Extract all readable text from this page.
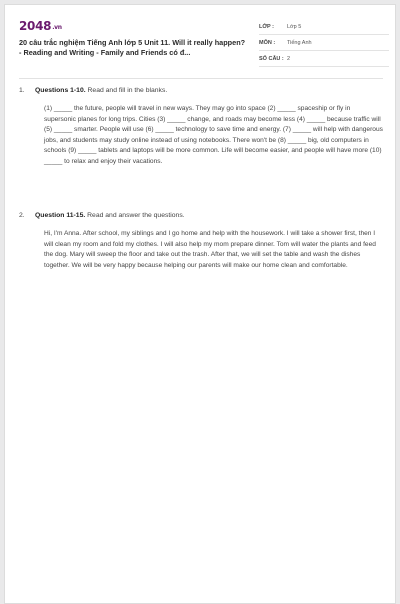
2048.vn
20 câu trắc nghiệm Tiếng Anh lớp 5 Unit 11. Will it really happen? - Reading and Writing - Family and Friends có đ...
LỚP : Lớp 5
MÔN : Tiếng Anh
SỐ CÂU : 2
1. Questions 1-10. Read and fill in the blanks.
(1) _____ the future, people will travel in new ways. They may go into space (2) _____ spaceship or fly in supersonic planes for long trips. Cities (3) _____ change, and roads may become less (4) _____ because traffic will (5) _____ smarter. People will use (6) _____ technology to save time and energy. (7) _____ will help with dangerous jobs, and students may study online instead of using notebooks. There won't be (8) _____ big, old computers in schools (9) _____ tablets and laptops will be more common. Life will become easier, and people will have more (10) _____ to relax and enjoy their vacations.
2. Question 11-15. Read and answer the questions.
Hi, I'm Anna. After school, my siblings and I go home and help with the housework. I will take a shower first, then I will clean my room and fold my clothes. I will also help my mom prepare dinner. Tom will water the plants and feed the dog. Mary will sweep the floor and take out the trash. After that, we will set the table and wash the dishes together. We will be very happy because helping our parents will make our home clean and comfortable.
